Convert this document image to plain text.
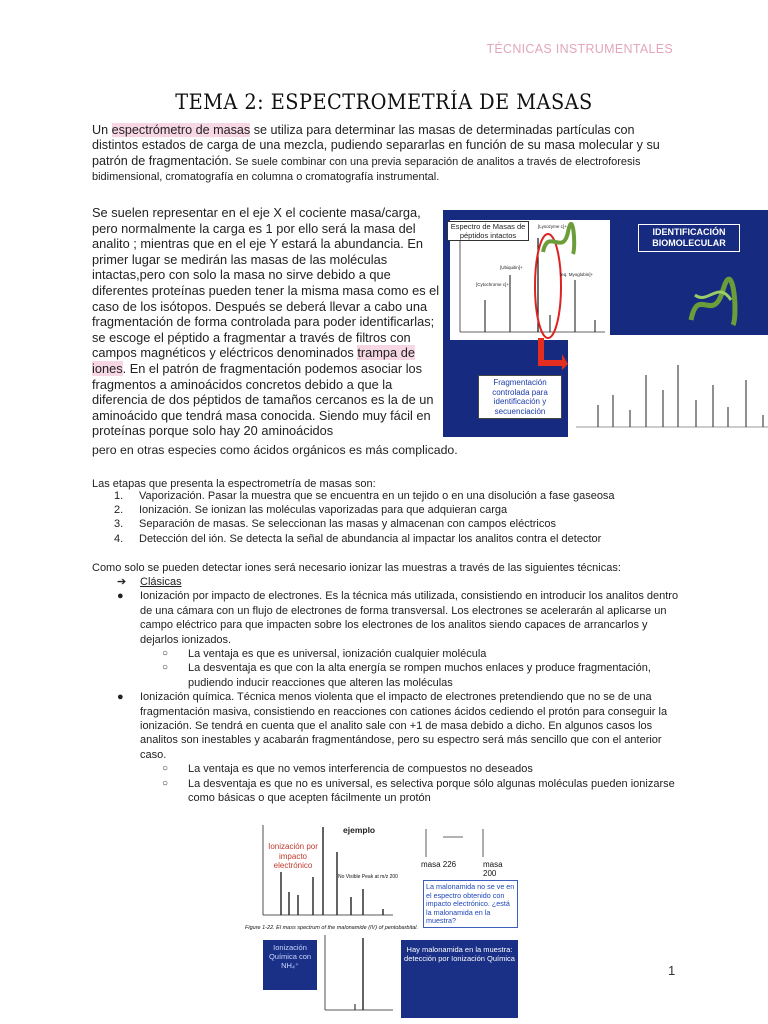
TÉCNICAS INSTRUMENTALES
TEMA 2: ESPECTROMETRÍA DE MASAS
Un espectrómetro de masas se utiliza para determinar las masas de determinadas partículas con
distintos estados de carga de una mezcla, pudiendo separarlas en función de su masa molecular y su
patrón de fragmentación. Se suele combinar con una previa separación de analitos a través de electroforesis
bidimensional, cromatografía en columna o cromatografía instrumental.
Se suelen representar en el eje X el cociente masa/carga, pero normalmente la carga es 1 por ello será la masa del analito ; mientras que en el eje Y estará la abundancia. En primer lugar se medirán las masas de las moléculas intactas,pero con solo la masa no sirve debido a que diferentes proteínas pueden tener la misma masa como es el caso de los isótopos. Después se deberá llevar a cabo una fragmentación de forma controlada para poder identificarlas; se escoge el péptido a fragmentar a través de filtros con campos magnéticos y eléctricos denominados trampa de iones. En el patrón de fragmentación podemos asociar los fragmentos a aminoácidos concretos debido a que la diferencia de dos péptidos de tamaños cercanos es la de un aminoácido que tendrá masa conocida. Siendo muy fácil en proteínas porque solo hay 20 aminoácidos
pero en otras especies como ácidos orgánicos es más complicado.
[Cytochrome c]+
[Ubiquitin]+
[eq. Myoglobin]+
[Lysozyme c]+
Espectro de Masas de péptidos intactos	IDENTIFICACIÓN BIOMOLECULAR
Fragmentación controlada para identificación y secuenciación
Las etapas que presenta la espectrometría de masas son:
1. Vaporización. Pasar la muestra que se encuentra en un tejido o en una disolución a fase gaseosa
2. Ionización. Se ionizan las moléculas vaporizadas para que adquieran carga
3. Separación de masas. Se seleccionan las masas y almacenan con campos eléctricos
4. Detección del ión. Se detecta la señal de abundancia al impactar los analitos contra el detector
Como solo se pueden detectar iones será necesario ionizar las muestras a través de las siguientes técnicas:
➔ Clásicas
● Ionización por impacto de electrones. Es la técnica más utilizada, consistiendo en introducir los analitos dentro de una cámara con un flujo de electrones de forma transversal. Los electrones se acelerarán al aplicarse un campo eléctrico para que impacten sobre los electrones de los analitos siendo capaces de arrancarlos y dejarlos ionizados.
○ La ventaja es que es universal, ionización cualquier molécula
○ La desventaja es que con la alta energía se rompen muchos enlaces y produce fragmentación, pudiendo inducir reacciones que alteren las moléculas
● Ionización química. Técnica menos violenta que el impacto de electrones pretendiendo que no se de una fragmentación masiva, consistiendo en reacciones con cationes ácidos cediendo el protón para conseguir la ionización. Se tendrá en cuenta que el analito sale con +1 de masa debido a dicho. En algunos casos los analitos son inestables y acabarán fragmentándose, pero su espectro será más sencillo que con el anterior caso.
○ La ventaja es que no vemos interferencia de compuestos no deseados
○ La desventaja es que no es universal, es selectiva porque sólo algunas moléculas pueden ionizarse como básicas o que acepten fácilmente un protón
Ionización por impacto electrónico
ejemplo
masa 226	masa 200
No Visible Peak at m/z 200
La malonamida no se ve en el espectro obtenido con impacto electrónico. ¿está la malonamida en la muestra?
Figure 1-22. El mass spectrum of the malonamide (IV) of pentobarbital.
Ionización Química con NH₄⁺
Hay malonamida en la muestra: detección por Ionización Química
1
